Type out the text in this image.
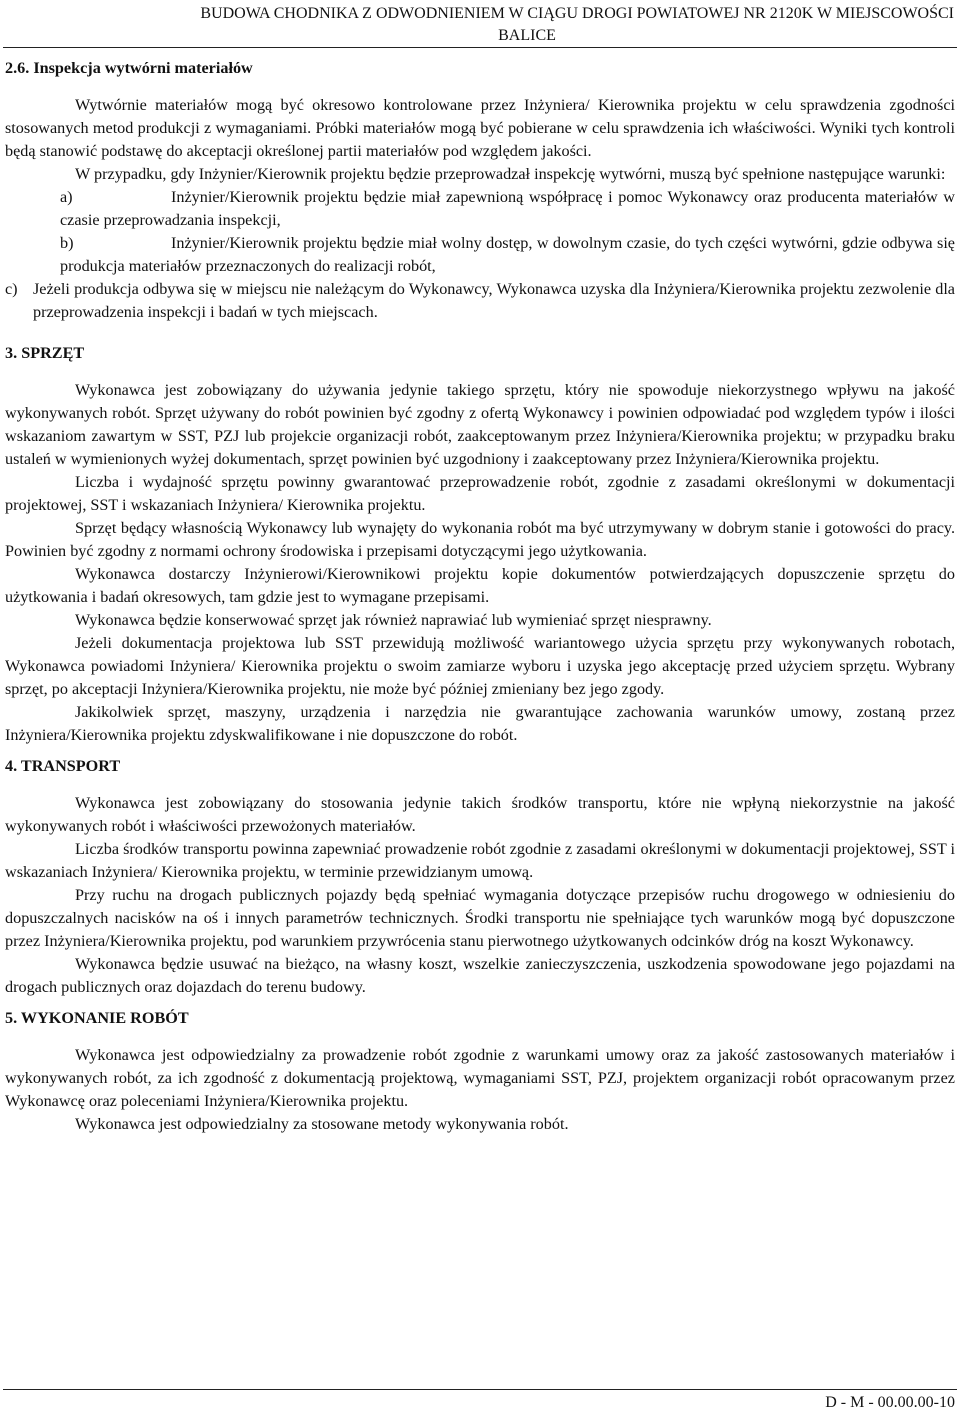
BUDOWA CHODNIKA Z ODWODNIENIEM W CIĄGU DROGI POWIATOWEJ NR 2120K W MIEJSCOWOŚCI
BALICE
2.6. Inspekcja wytwórni materiałów

Wytwórnie materiałów mogą być okresowo kontrolowane przez Inżyniera/ Kierownika projektu w celu sprawdzenia zgodności stosowanych metod produkcji z wymaganiami. Próbki materiałów mogą być pobierane w celu sprawdzenia ich właściwości. Wyniki tych kontroli będą stanowić podstawę do akceptacji określonej partii materiałów pod względem jakości.

W przypadku, gdy Inżynier/Kierownik projektu będzie przeprowadzał inspekcję wytwórni, muszą być spełnione następujące warunki:

a)	Inżynier/Kierownik projektu będzie miał zapewnioną współpracę i pomoc Wykonawcy oraz producenta materiałów w czasie przeprowadzania inspekcji,
b)	Inżynier/Kierownik projektu będzie miał wolny dostęp, w dowolnym czasie, do tych części wytwórni, gdzie odbywa się produkcja materiałów przeznaczonych do realizacji robót,
c) Jeżeli produkcja odbywa się w miejscu nie należącym do Wykonawcy, Wykonawca uzyska dla Inżyniera/Kierownika projektu zezwolenie dla przeprowadzenia inspekcji i badań w tych miejscach.
3. SPRZĘT

Wykonawca jest zobowiązany do używania jedynie takiego sprzętu, który nie spowoduje niekorzystnego wpływu na jakość wykonywanych robót. Sprzęt używany do robót powinien być zgodny z ofertą Wykonawcy i powinien odpowiadać pod względem typów i ilości wskazaniom zawartym w SST, PZJ lub projekcie organizacji robót, zaakceptowanym przez Inżyniera/Kierownika projektu; w przypadku braku ustaleń w wymienionych wyżej dokumentach, sprzęt powinien być uzgodniony i zaakceptowany przez Inżyniera/Kierownika projektu.

Liczba i wydajność sprzętu powinny gwarantować przeprowadzenie robót, zgodnie z zasadami określonymi w dokumentacji projektowej, SST i wskazaniach Inżyniera/ Kierownika projektu.

Sprzęt będący własnością Wykonawcy lub wynajęty do wykonania robót ma być utrzymywany w dobrym stanie i gotowości do pracy. Powinien być zgodny z normami ochrony środowiska i przepisami dotyczącymi jego użytkowania.

Wykonawca dostarczy Inżynierowi/Kierownikowi projektu kopie dokumentów potwierdzających dopuszczenie sprzętu do użytkowania i badań okresowych, tam gdzie jest to wymagane przepisami.

Wykonawca będzie konserwować sprzęt jak również naprawiać lub wymieniać sprzęt niesprawny.

Jeżeli dokumentacja projektowa lub SST przewidują możliwość wariantowego użycia sprzętu przy wykonywanych robotach, Wykonawca powiadomi Inżyniera/ Kierownika projektu o swoim zamiarze wyboru i uzyska jego akceptację przed użyciem sprzętu. Wybrany sprzęt, po akceptacji Inżyniera/Kierownika projektu, nie może być później zmieniany bez jego zgody.

Jakikolwiek sprzęt, maszyny, urządzenia i narzędzia nie gwarantujące zachowania warunków umowy, zostaną przez Inżyniera/Kierownika projektu zdyskwalifikowane i nie dopuszczone do robót.

4. TRANSPORT

Wykonawca jest zobowiązany do stosowania jedynie takich środków transportu, które nie wpłyną niekorzystnie na jakość wykonywanych robót i właściwości przewożonych materiałów.

Liczba środków transportu powinna zapewniać prowadzenie robót zgodnie z zasadami określonymi w dokumentacji projektowej, SST i wskazaniach Inżyniera/ Kierownika projektu, w terminie przewidzianym umową.

Przy ruchu na drogach publicznych pojazdy będą spełniać wymagania dotyczące przepisów ruchu drogowego w odniesieniu do dopuszczalnych nacisków na oś i innych parametrów technicznych. Środki transportu nie spełniające tych warunków mogą być dopuszczone przez Inżyniera/Kierownika projektu, pod warunkiem przywrócenia stanu pierwotnego użytkowanych odcinków dróg na koszt Wykonawcy.

Wykonawca będzie usuwać na bieżąco, na własny koszt, wszelkie zanieczyszczenia, uszkodzenia spowodowane jego pojazdami na drogach publicznych oraz dojazdach do terenu budowy.

5. WYKONANIE ROBÓT

Wykonawca jest odpowiedzialny za prowadzenie robót zgodnie z warunkami umowy oraz za jakość zastosowanych materiałów i wykonywanych robót, za ich zgodność z dokumentacją projektową, wymaganiami SST, PZJ, projektem organizacji robót opracowanym przez Wykonawcę oraz poleceniami Inżyniera/Kierownika projektu.

Wykonawca jest odpowiedzialny za stosowane metody wykonywania robót.

D - M - 00.00.00-10
